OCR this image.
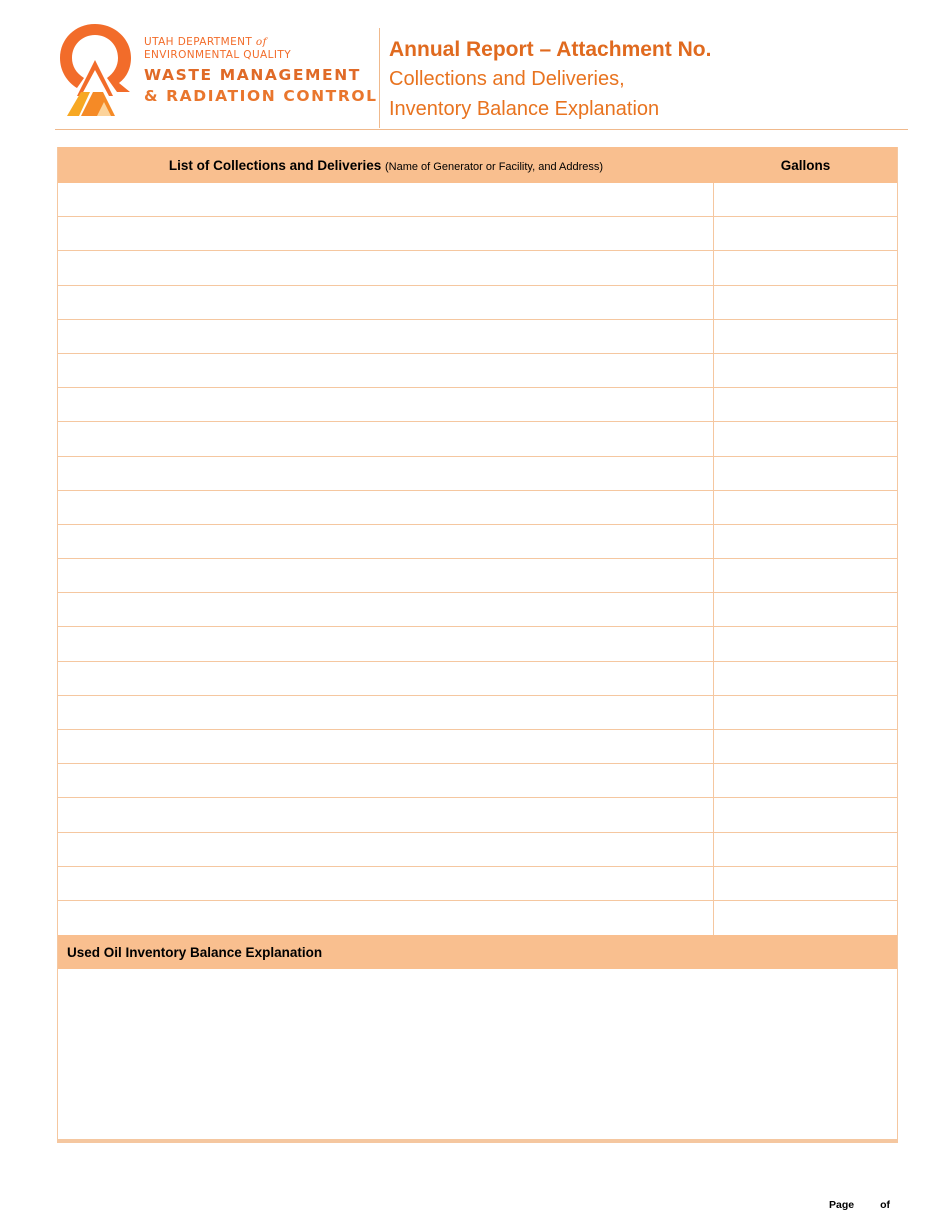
UTAH DEPARTMENT of
ENVIRONMENTAL QUALITY
WASTE MANAGEMENT
& RADIATION CONTROL
Annual Report – Attachment No.
Collections and Deliveries,
Inventory Balance Explanation
List of Collections and Deliveries (Name of Generator or Facility, and Address)	Gallons
Used Oil Inventory Balance Explanation
Page of
